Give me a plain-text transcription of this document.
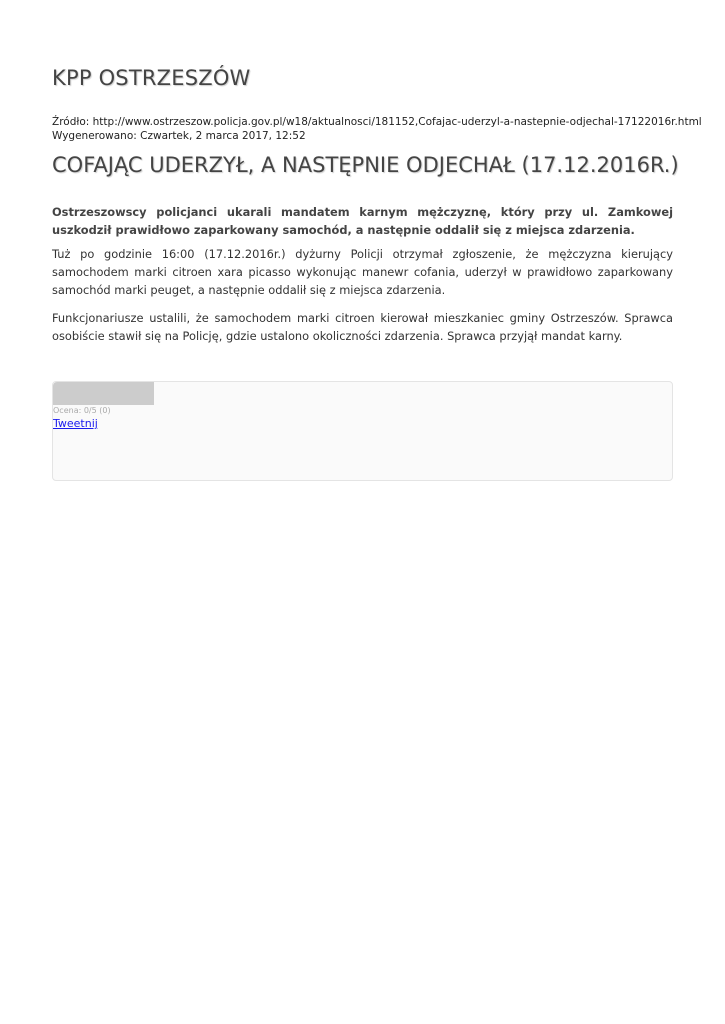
KPP OSTRZESZÓW
Źródło: http://www.ostrzeszow.policja.gov.pl/w18/aktualnosci/181152,Cofajac-uderzyl-a-nastepnie-odjechal-17122016r.html
Wygenerowano: Czwartek, 2 marca 2017, 12:52
COFAJĄC UDERZYŁ, A NASTĘPNIE ODJECHAŁ (17.12.2016R.)

Ostrzeszowscy policjanci ukarali mandatem karnym mężczyznę, który przy ul. Zamkowej uszkodził prawidłowo zaparkowany samochód, a następnie oddalił się z miejsca zdarzenia.

Tuż po godzinie 16:00 (17.12.2016r.) dyżurny Policji otrzymał zgłoszenie, że mężczyzna kierujący samochodem marki citroen xara picasso wykonując manewr cofania, uderzył w prawidłowo zaparkowany samochód marki peuget, a następnie oddalił się z miejsca zdarzenia.

Funkcjonariusze ustalili, że samochodem marki citroen kierował mieszkaniec gminy Ostrzeszów. Sprawca osobiście stawił się na Policję, gdzie ustalono okoliczności zdarzenia. Sprawca przyjął mandat karny.

Ocena: 0/5 (0)
Tweetnij
